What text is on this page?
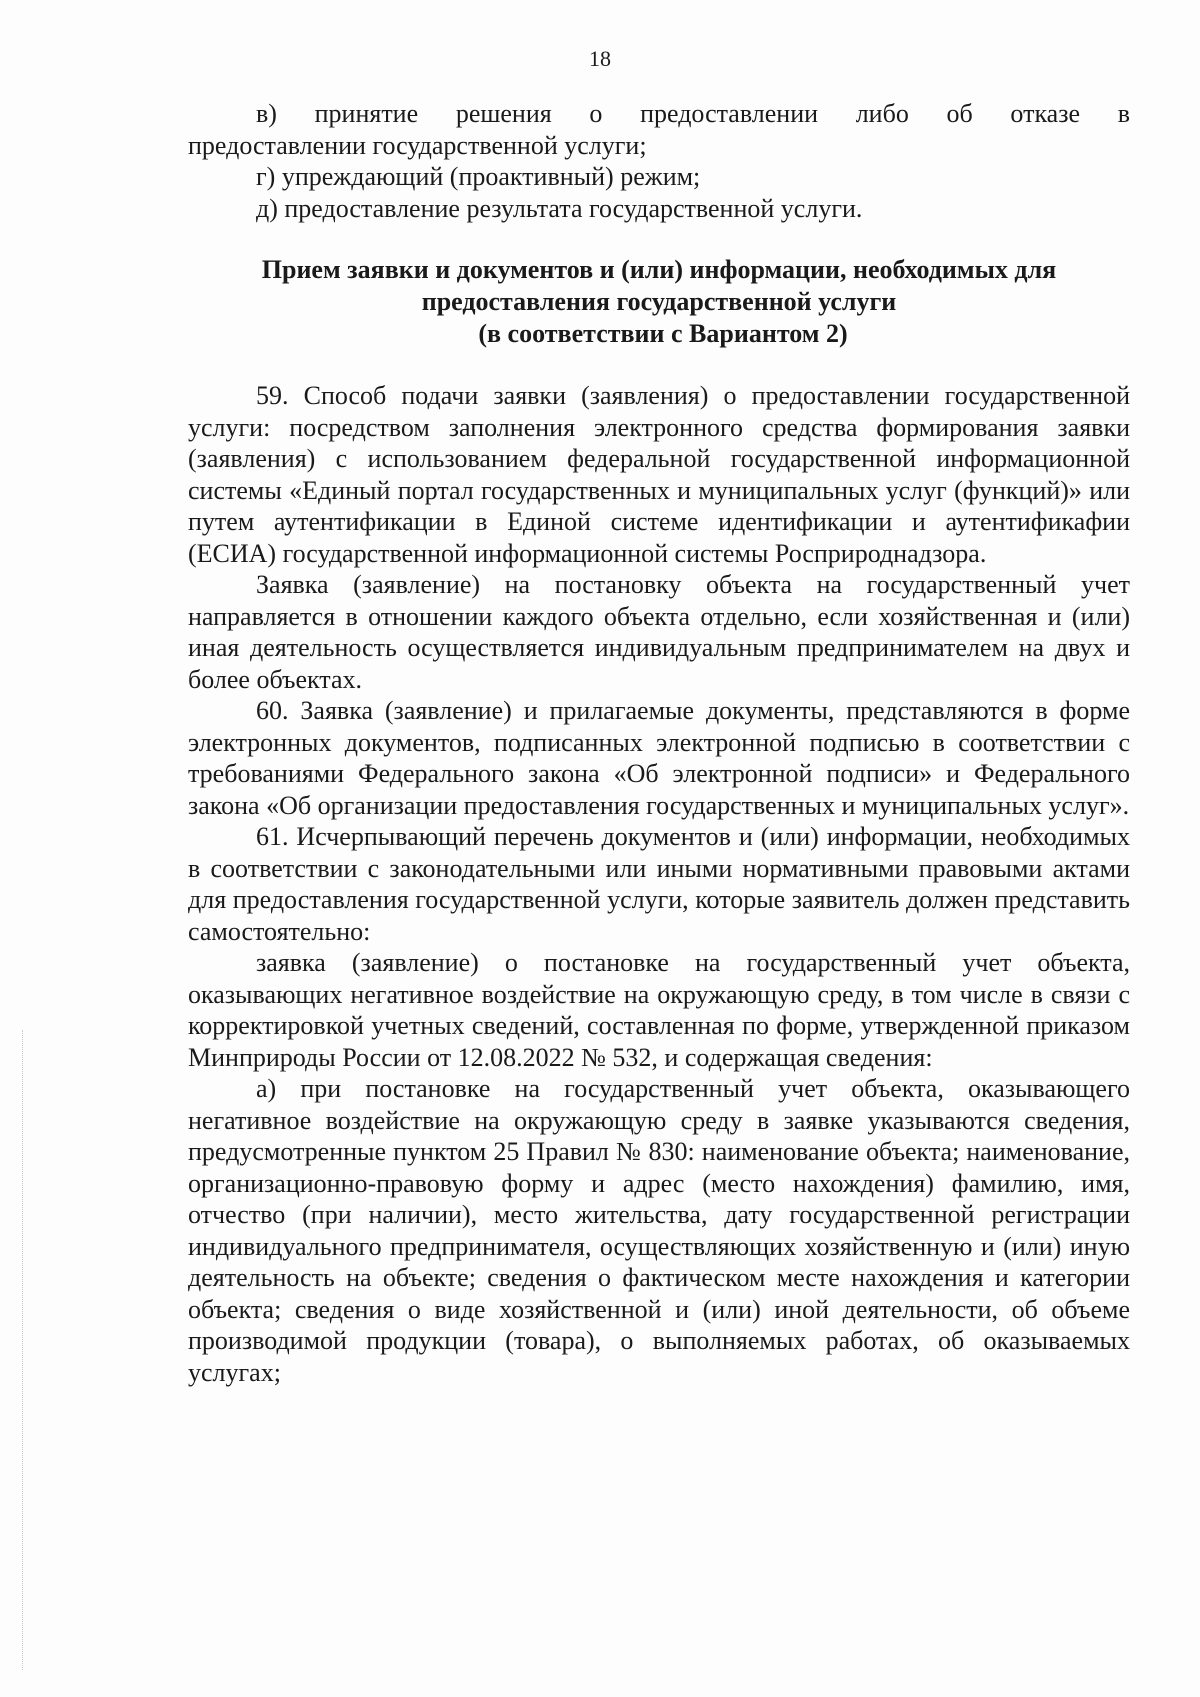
18

в) принятие решения о предоставлении либо об отказе в

предоставлении государственной услуги;

г) упреждающий (проактивный) режим;

д) предоставление результата государственной услуги.

Прием заявки и документов и (или) информации, необходимых для
предоставления государственной услуги
(в соответствии с Вариантом 2)

59. Способ подачи заявки (заявления) о предоставлении государственной услуги: посредством заполнения электронного средства формирования заявки (заявления) с использованием федеральной государственной информационной системы «Единый портал государственных и муниципальных услуг (функций)» или путем аутентификации в Единой системе идентификации и аутентификафии (ЕСИА) государственной информационной системы Росприроднадзора.

Заявка (заявление) на постановку объекта на государственный учет направляется в отношении каждого объекта отдельно, если хозяйственная и (или) иная деятельность осуществляется индивидуальным предпринимателем на двух и более объектах.

60. Заявка (заявление) и прилагаемые документы, представляются в форме электронных документов, подписанных электронной подписью в соответствии с требованиями Федерального закона «Об электронной подписи» и Федерального закона «Об организации предоставления государственных и муниципальных услуг».

61. Исчерпывающий перечень документов и (или) информации, необходимых в соответствии с законодательными или иными нормативными правовыми актами для предоставления государственной услуги, которые заявитель должен представить самостоятельно:

заявка (заявление) о постановке на государственный учет объекта, оказывающих негативное воздействие на окружающую среду, в том числе в связи с корректировкой учетных сведений, составленная по форме, утвержденной приказом Минприроды России от 12.08.2022 № 532, и содержащая сведения:

а) при постановке на государственный учет объекта, оказывающего негативное воздействие на окружающую среду в заявке указываются сведения, предусмотренные пунктом 25 Правил № 830: наименование объекта; наименование, организационно-правовую форму и адрес (место нахождения) фамилию, имя, отчество (при наличии), место жительства, дату государственной регистрации индивидуального предпринимателя, осуществляющих хозяйственную и (или) иную деятельность на объекте; сведения о фактическом месте нахождения и категории объекта; сведения о виде хозяйственной и (или) иной деятельности, об объеме производимой продукции (товара), о выполняемых работах, об оказываемых услугах;
